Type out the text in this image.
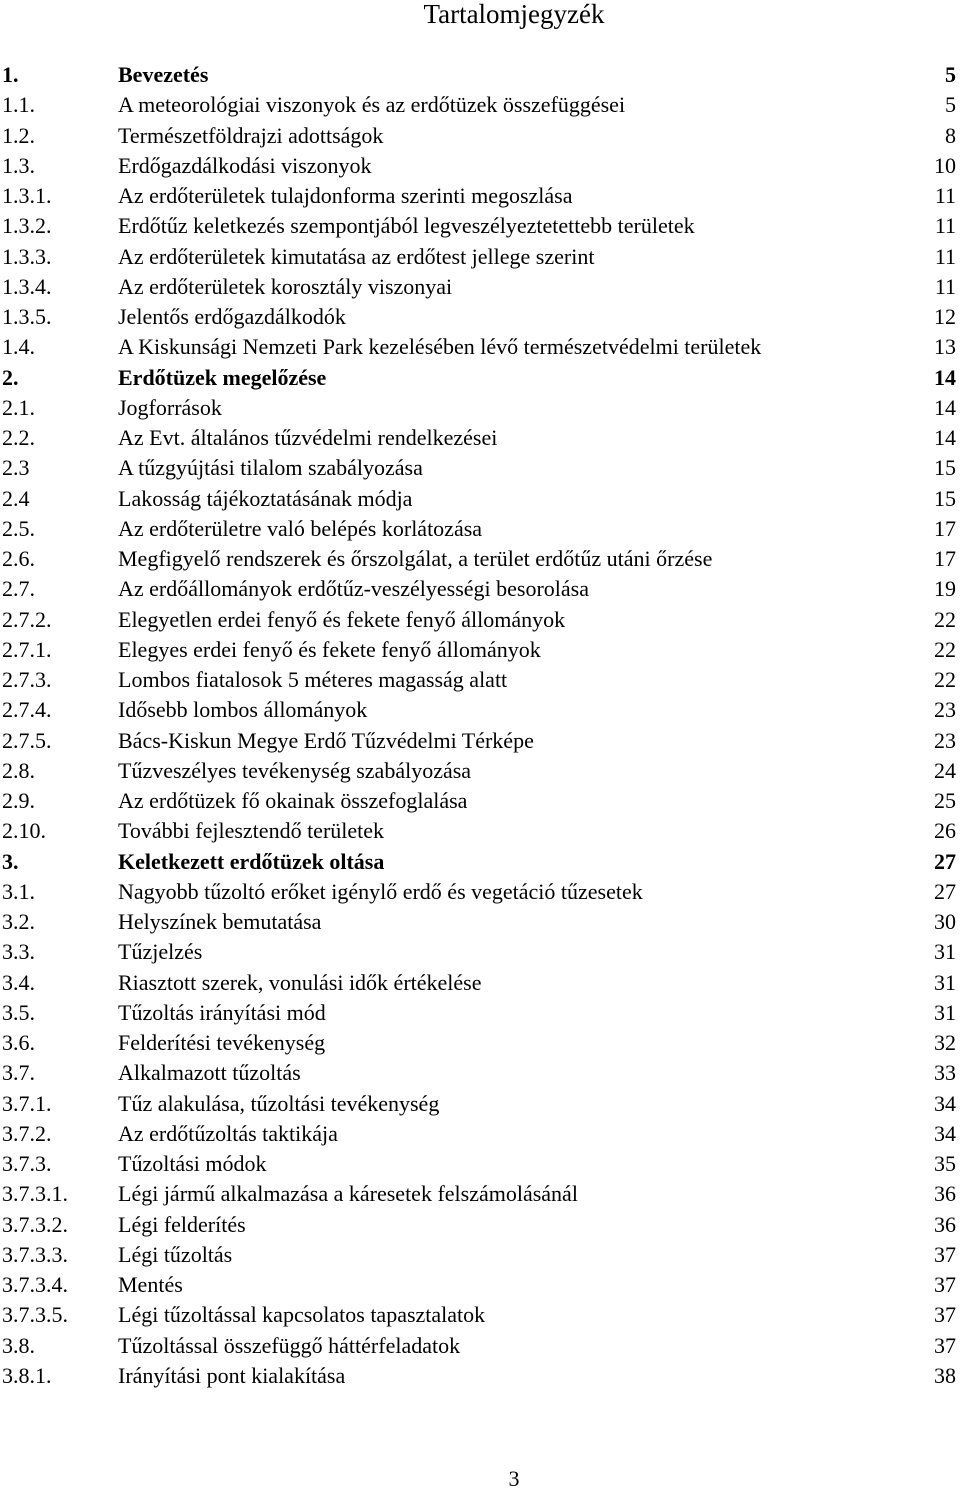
Tartalomjegyzék
1.	Bevezetés	5
1.1.	A meteorológiai viszonyok és az erdőtüzek összefüggései	5
1.2.	Természetföldrajzi adottságok	8
1.3.	Erdőgazdálkodási viszonyok	10
1.3.1.	Az erdőterületek tulajdonforma szerinti megoszlása	11
1.3.2.	Erdőtűz keletkezés szempontjából legveszélyeztetettebb területek	11
1.3.3.	Az erdőterületek kimutatása az erdőtest jellege szerint	11
1.3.4.	Az erdőterületek korosztály viszonyai	11
1.3.5.	Jelentős erdőgazdálkodók	12
1.4.	A Kiskunsági Nemzeti Park kezelésében lévő természetvédelmi területek	13
2.	Erdőtüzek megelőzése	14
2.1.	Jogforrások	14
2.2.	Az Evt. általános tűzvédelmi rendelkezései	14
2.3	A tűzgyújtási tilalom szabályozása	15
2.4	Lakosság tájékoztatásának módja	15
2.5.	Az erdőterületre való belépés korlátozása	17
2.6.	Megfigyelő rendszerek és őrszolgálat, a terület erdőtűz utáni őrzése	17
2.7.	Az erdőállományok erdőtűz-veszélyességi besorolása	19
2.7.2.	Elegyetlen erdei fenyő és fekete fenyő állományok	22
2.7.1.	Elegyes erdei fenyő és fekete fenyő állományok	22
2.7.3.	Lombos fiatalosok 5 méteres magasság alatt	22
2.7.4.	Idősebb lombos állományok	23
2.7.5.	Bács-Kiskun Megye Erdő Tűzvédelmi Térképe	23
2.8.	Tűzveszélyes tevékenység szabályozása	24
2.9.	Az erdőtüzek fő okainak összefoglalása	25
2.10.	További fejlesztendő területek	26
3.	Keletkezett erdőtüzek oltása	27
3.1.	Nagyobb tűzoltó erőket igénylő erdő és vegetáció tűzesetek	27
3.2.	Helyszínek bemutatása	30
3.3.	Tűzjelzés	31
3.4.	Riasztott szerek, vonulási idők értékelése	31
3.5.	Tűzoltás irányítási mód	31
3.6.	Felderítési tevékenység	32
3.7.	Alkalmazott tűzoltás	33
3.7.1.	Tűz alakulása, tűzoltási tevékenység	34
3.7.2.	Az erdőtűzoltás taktikája	34
3.7.3.	Tűzoltási módok	35
3.7.3.1. Légi jármű alkalmazása a káresetek felszámolásánál	36
3.7.3.2. Légi felderítés	36
3.7.3.3. Légi tűzoltás	37
3.7.3.4. Mentés	37
3.7.3.5. Légi tűzoltással kapcsolatos tapasztalatok	37
3.8.	Tűzoltással összefüggő háttérfeladatok	37
3.8.1.	Irányítási pont kialakítása	38
3
